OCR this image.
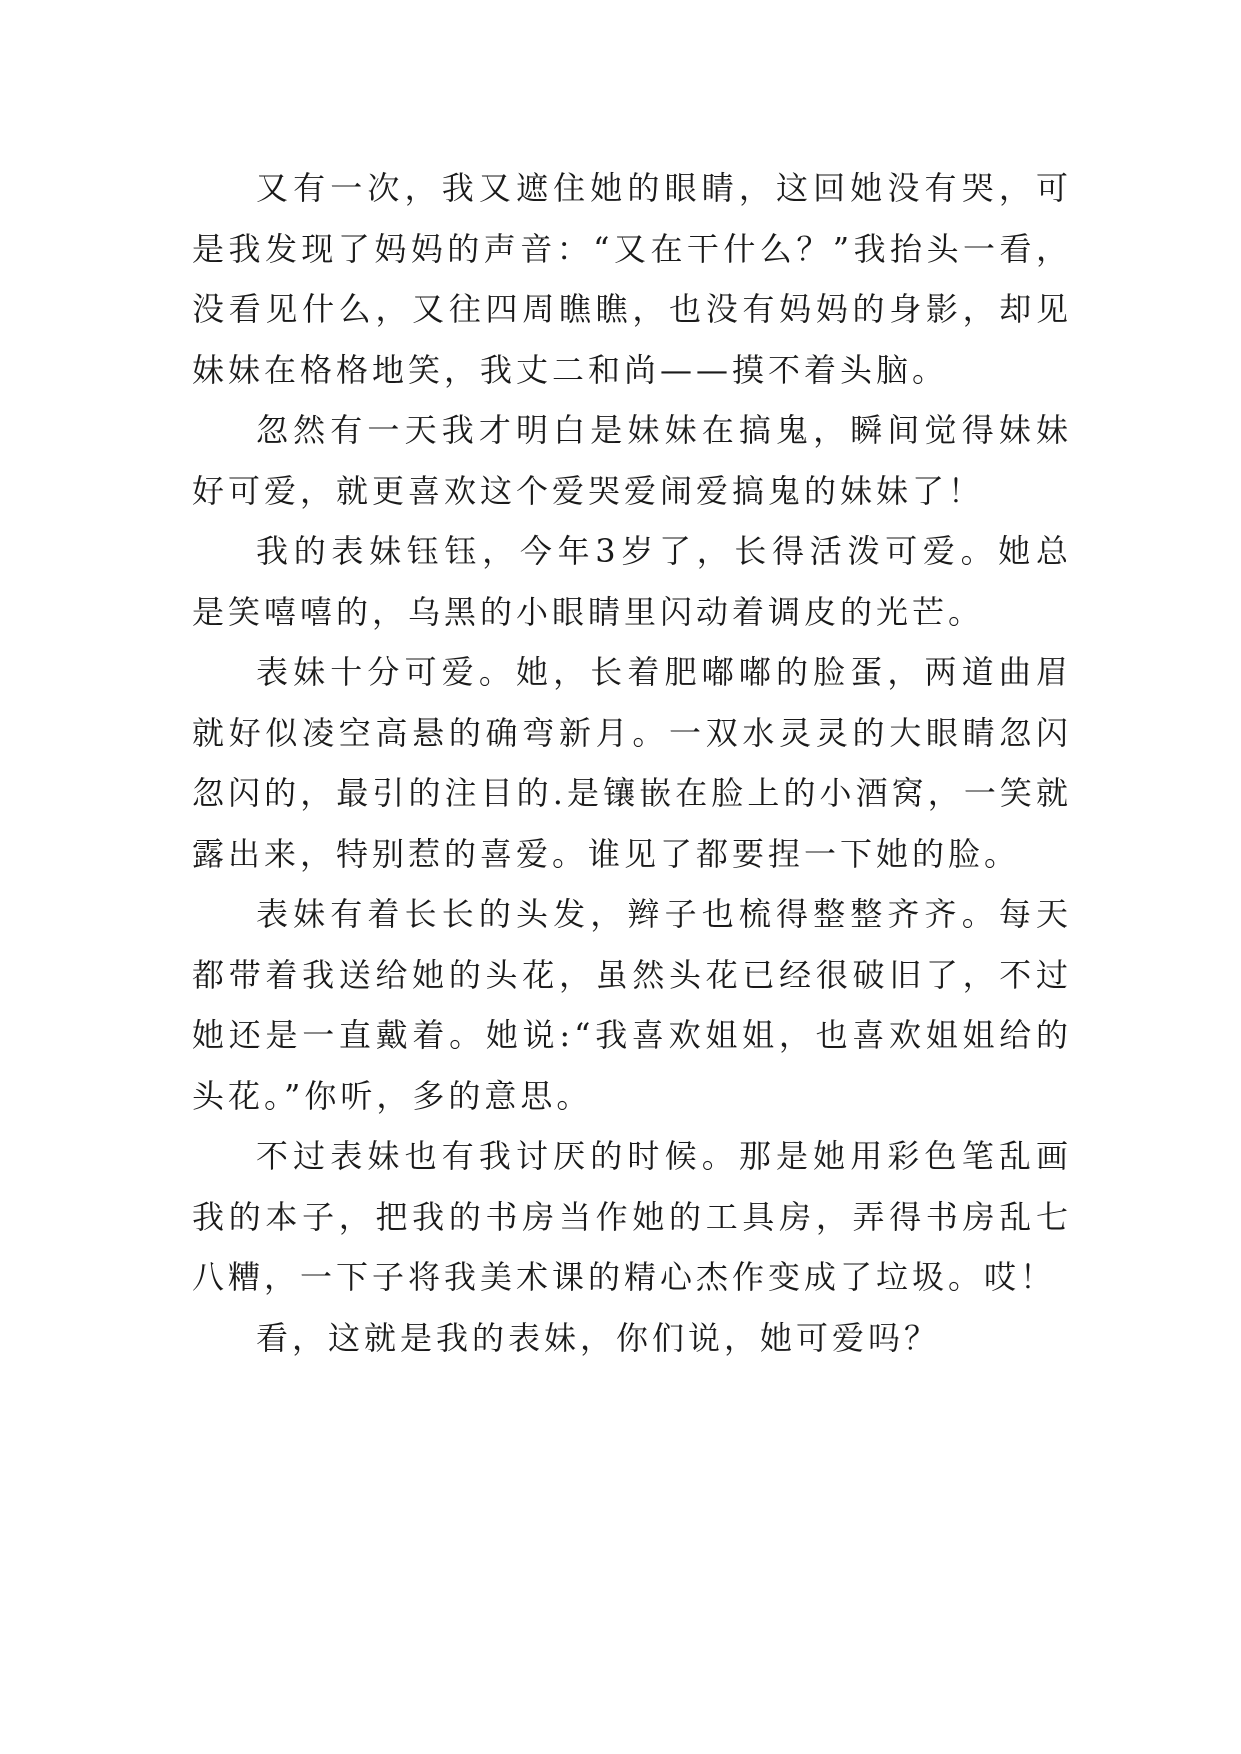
又有一次，我又遮住她的眼睛，这回她没有哭，可是我发现了妈妈的声音：“又在干什么？”我抬头一看，没看见什么，又往四周瞧瞧，也没有妈妈的身影，却见妹妹在格格地笑，我丈二和尚——摸不着头脑。

忽然有一天我才明白是妹妹在搞鬼，瞬间觉得妹妹好可爱，就更喜欢这个爱哭爱闹爱搞鬼的妹妹了！

我的表妹钰钰，今年3岁了，长得活泼可爱。她总是笑嘻嘻的，乌黑的小眼睛里闪动着调皮的光芒。

表妹十分可爱。她，长着肥嘟嘟的脸蛋，两道曲眉就好似凌空高悬的确弯新月。一双水灵灵的大眼睛忽闪忽闪的，最引的注目的.是镶嵌在脸上的小酒窝，一笑就露出来，特别惹的喜爱。谁见了都要捏一下她的脸。

表妹有着长长的头发，辫子也梳得整整齐齐。每天都带着我送给她的头花，虽然头花已经很破旧了，不过她还是一直戴着。她说:“我喜欢姐姐，也喜欢姐姐给的头花。”你听，多的意思。

不过表妹也有我讨厌的时候。那是她用彩色笔乱画我的本子，把我的书房当作她的工具房，弄得书房乱七八糟，一下子将我美术课的精心杰作变成了垃圾。哎！

看，这就是我的表妹，你们说，她可爱吗？
